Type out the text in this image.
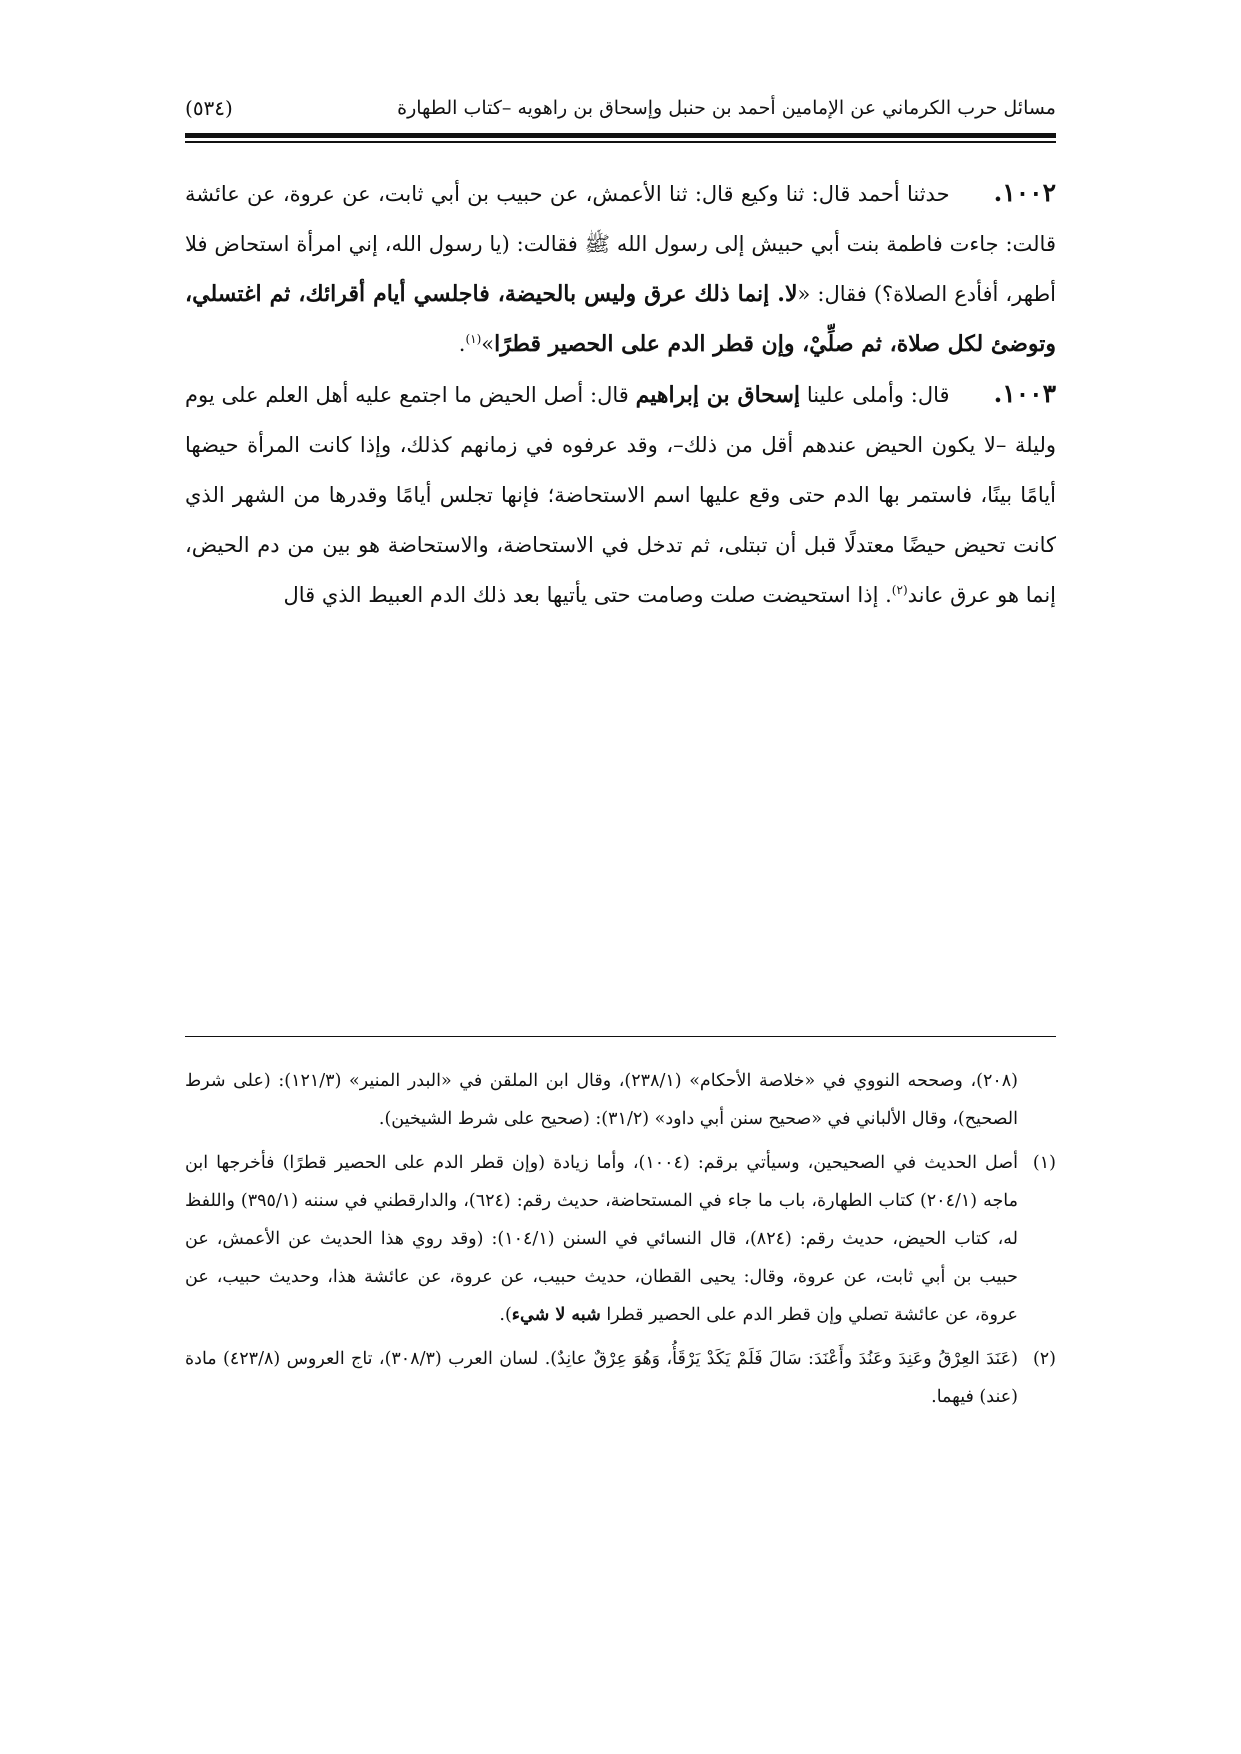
مسائل حرب الكرماني عن الإمامين أحمد بن حنبل وإسحاق بن راهويه –كتاب الطهارة
(٥٣٤)

١٠٠٢.حدثنا أحمد قال: ثنا وكيع قال: ثنا الأعمش، عن حبيب بن أبي ثابت، عن عروة، عن عائشة قالت: جاءت فاطمة بنت أبي حبيش إلى رسول الله ﷺ فقالت: (يا رسول الله، إني امرأة استحاض فلا أطهر، أفأدع الصلاة؟) فقال: «لا. إنما ذلك عرق وليس بالحيضة، فاجلسي أيام أقرائك، ثم اغتسلي، وتوضئ لكل صلاة، ثم صلِّيْ، وإن قطر الدم على الحصير قطرًا»$^{(١)}$.

١٠٠٣.قال: وأملى علينا إسحاق بن إبراهيم قال: أصل الحيض ما اجتمع عليه أهل العلم على يوم وليلة –لا يكون الحيض عندهم أقل من ذلك–، وقد عرفوه في زمانهم كذلك، وإذا كانت المرأة حيضها أيامًا بينًا، فاستمر بها الدم حتى وقع عليها اسم الاستحاضة؛ فإنها تجلس أيامًا وقدرها من الشهر الذي كانت تحيض حيضًا معتدلًا قبل أن تبتلى، ثم تدخل في الاستحاضة، والاستحاضة هو بين من دم الحيض، إنما هو عرق عاند$^{(٢)}$. إذا استحيضت صلت وصامت حتى يأتيها بعد ذلك الدم العبيط الذي قال

(٢٠٨)، وصححه النووي في «خلاصة الأحكام» (٢٣٨/١)، وقال ابن الملقن في «البدر المنير» (١٢١/٣): (على شرط الصحيح)، وقال الألباني في «صحيح سنن أبي داود» (٣١/٢): (صحيح على شرط الشيخين).

(١)أصل الحديث في الصحيحين، وسيأتي برقم: (١٠٠٤)، وأما زيادة (وإن قطر الدم على الحصير قطرًا) فأخرجها ابن ماجه (٢٠٤/١) كتاب الطهارة، باب ما جاء في المستحاضة، حديث رقم: (٦٢٤)، والدارقطني في سننه (٣٩٥/١) واللفظ له، كتاب الحيض، حديث رقم: (٨٢٤)، قال النسائي في السنن (١٠٤/١): (وقد روي هذا الحديث عن الأعمش، عن حبيب بن أبي ثابت، عن عروة، وقال: يحيى القطان، حديث حبيب، عن عروة، عن عائشة هذا، وحديث حبيب، عن عروة، عن عائشة تصلي وإن قطر الدم على الحصير قطرا شبه لا شيء).

(٢)(عَنَدَ العِرْقُ وعَنِدَ وعَنُدَ وأَعْنَدَ: سَالَ فَلَمْ يَكَدْ يَرْقَأُ، وَهُوَ عِرْقٌ عانِدٌ). لسان العرب (٣٠٨/٣)، تاج العروس (٤٢٣/٨) مادة (عند) فيهما.
